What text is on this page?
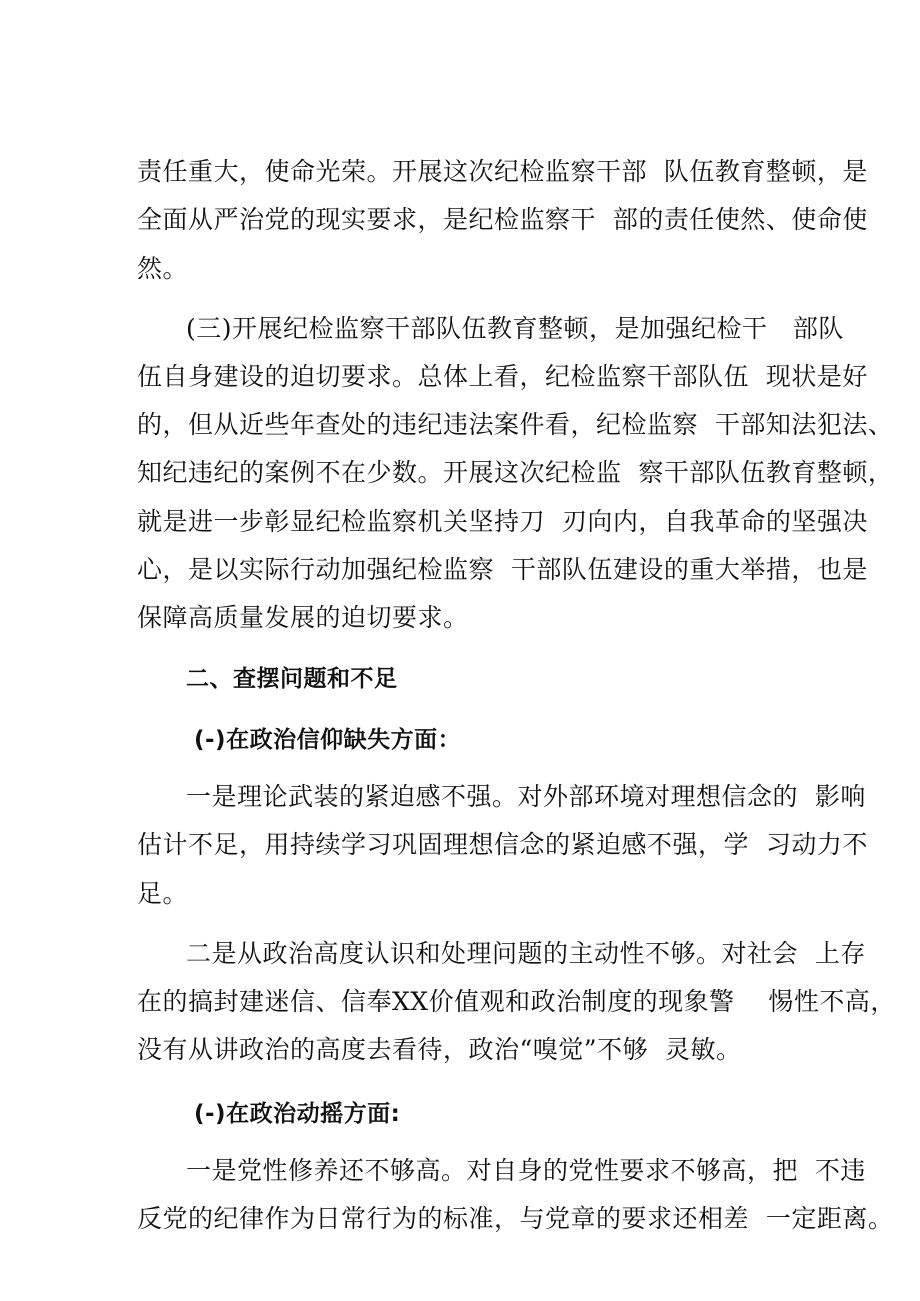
责任重大，使命光荣。开展这次纪检监察干部  队伍教育整顿，是

全面从严治党的现实要求，是纪检监察干  部的责任使然、使命使

然。

(三)开展纪检监察干部队伍教育整顿，是加强纪检干   部队

伍自身建设的迫切要求。总体上看，纪检监察干部队伍  现状是好

的，但从近些年查处的违纪违法案件看，纪检监察  干部知法犯法、

知纪违纪的案例不在少数。开展这次纪检监  察干部队伍教育整顿，

就是进一步彰显纪检监察机关坚持刀  刃向内，自我革命的坚强决

心，是以实际行动加强纪检监察  干部队伍建设的重大举措，也是

保障高质量发展的迫切要求。

二、查摆问题和不足

(-)在政治信仰缺失方面：

一是理论武装的紧迫感不强。对外部环境对理想信念的  影响

估计不足，用持续学习巩固理想信念的紧迫感不强，学  习动力不

足。

二是从政治高度认识和处理问题的主动性不够。对社会  上存

在的搞封建迷信、信奉XX价值观和政治制度的现象警    惕性不高，

没有从讲政治的高度去看待，政治“嗅觉”不够  灵敏。

(-)在政治动摇方面:

一是党性修养还不够高。对自身的党性要求不够高，把  不违

反党的纪律作为日常行为的标准，与党章的要求还相差  一定距离。
